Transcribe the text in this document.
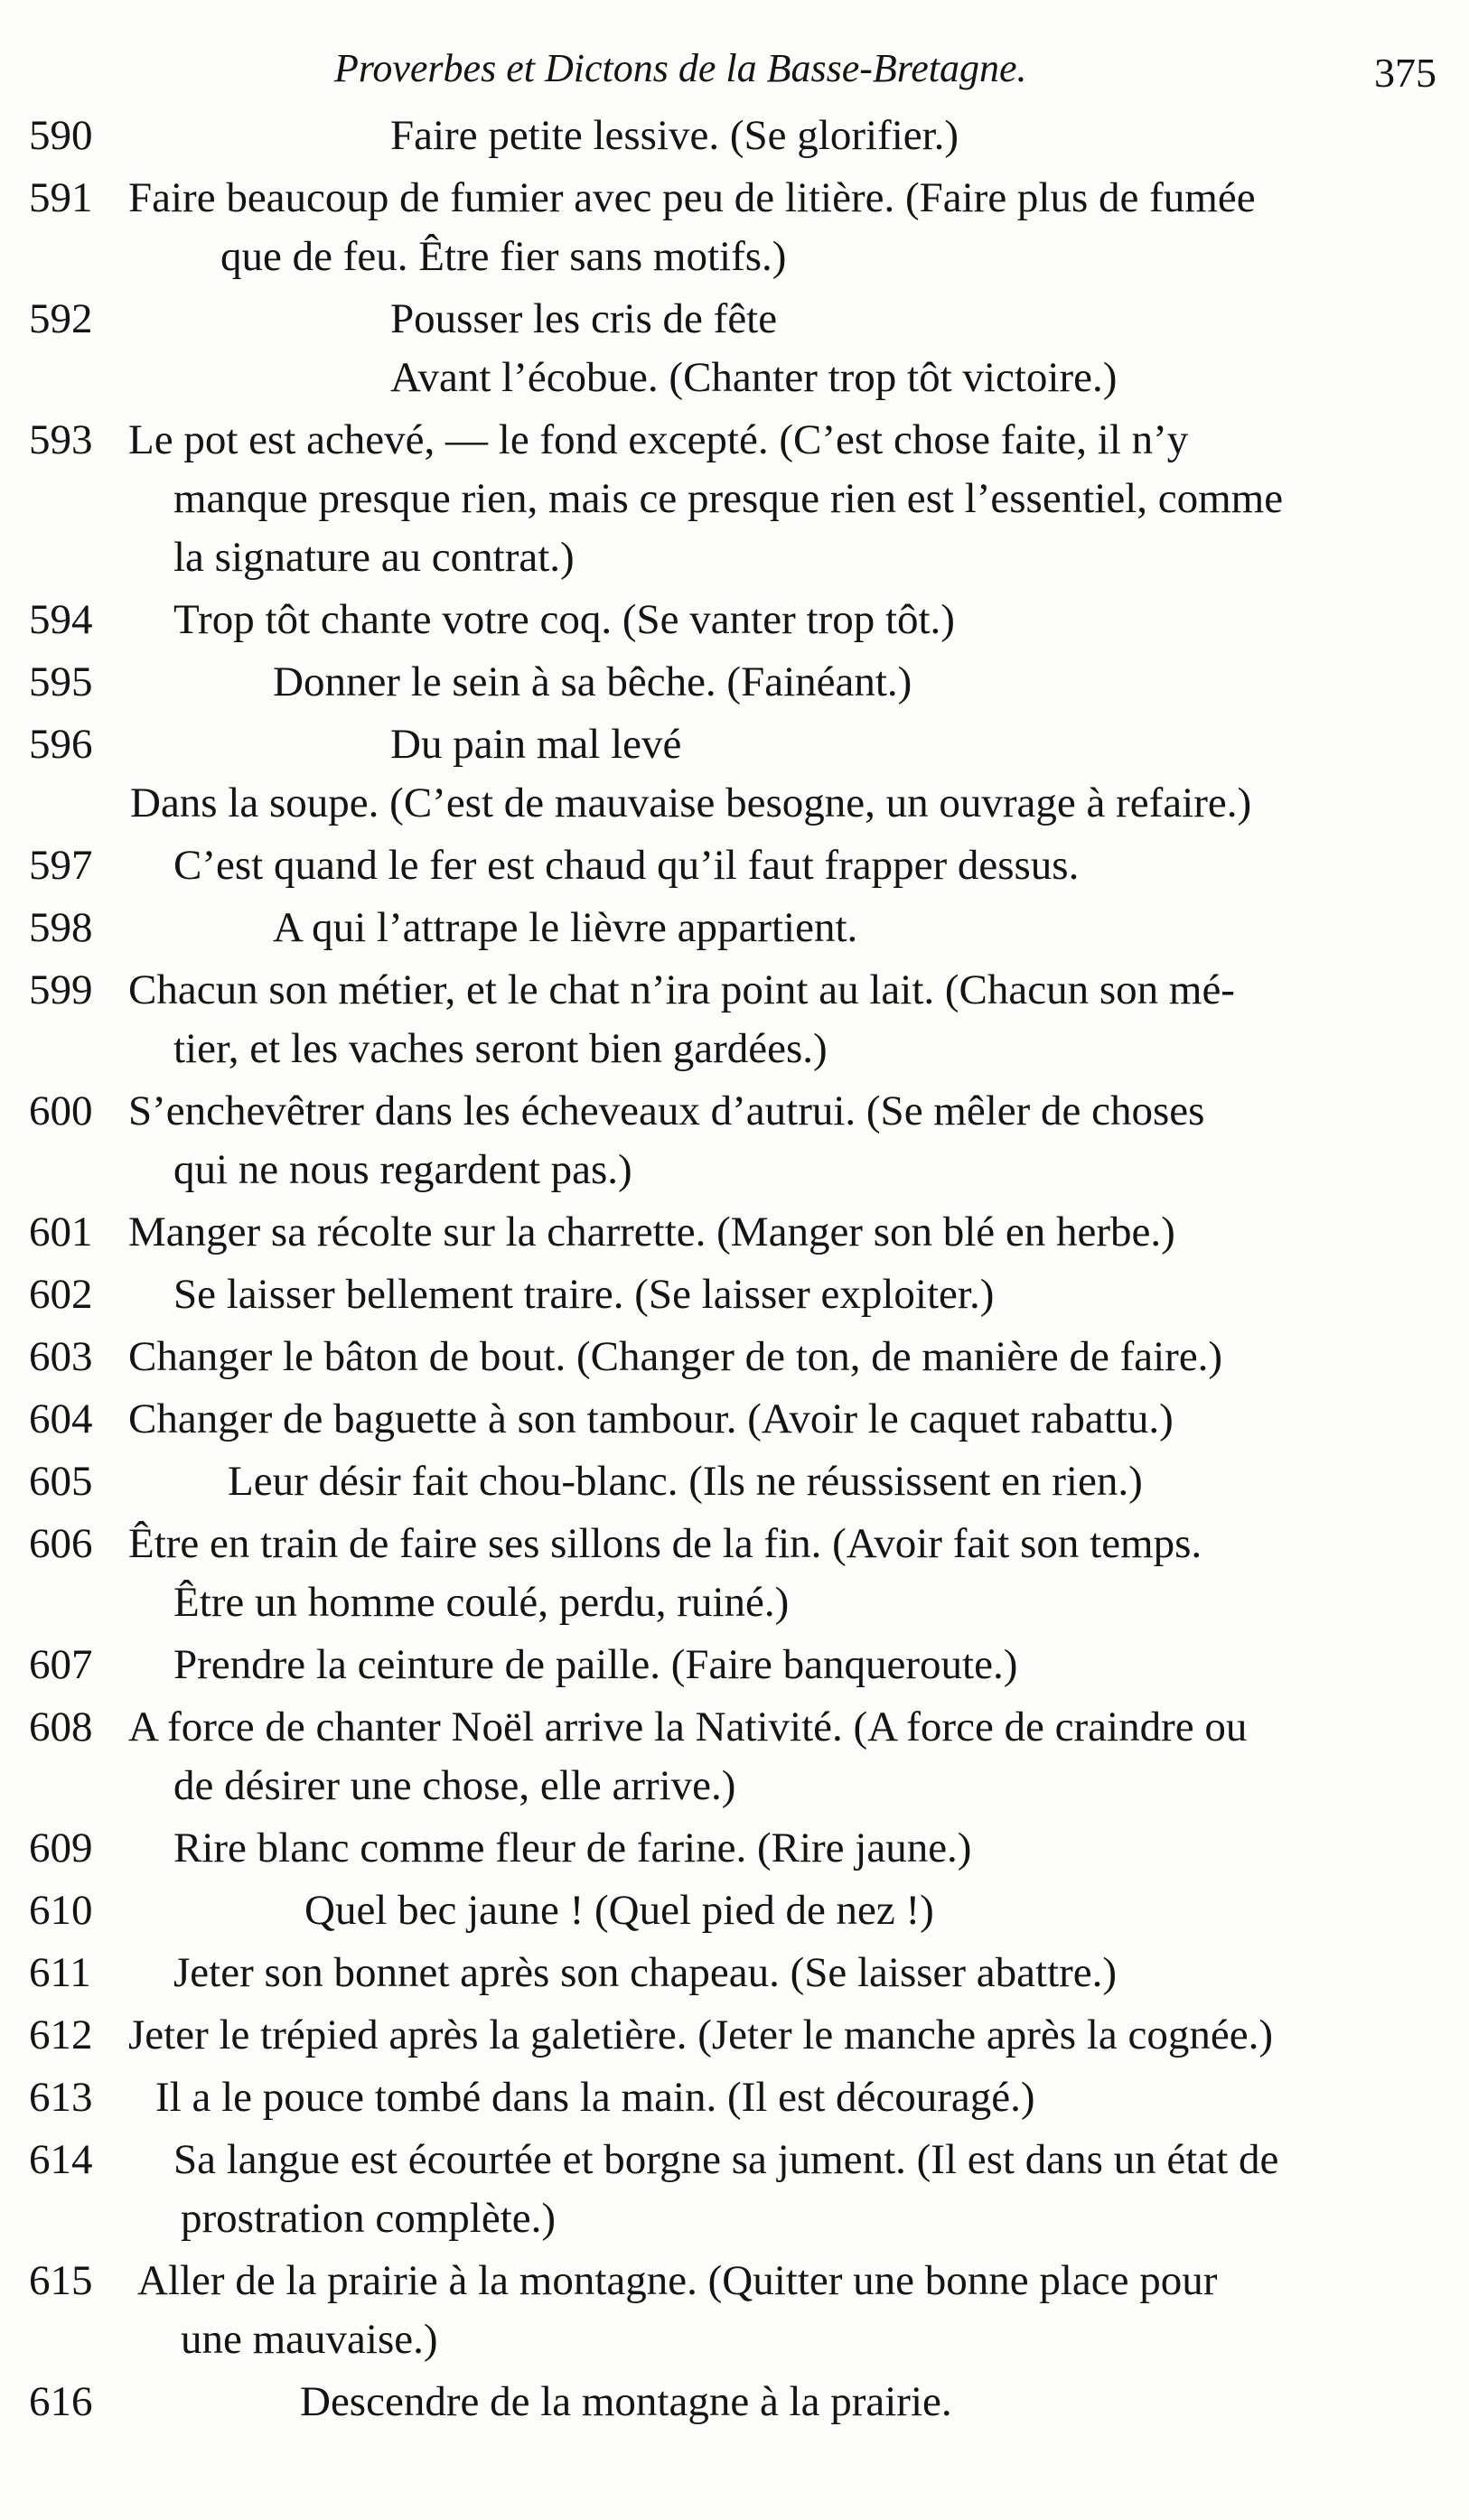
Proverbes et Dictons de la Basse-Bretagne.	375
590	Faire petite lessive. (Se glorifier.)
591 Faire beaucoup de fumier avec peu de litière. (Faire plus de fumée
que de feu. Être fier sans motifs.)
592	Pousser les cris de fête
Avant l’écobue. (Chanter trop tôt victoire.)
593 Le pot est achevé, — le fond excepté. (C’est chose faite, il n’y
manque presque rien, mais ce presque rien est l’essentiel, comme
la signature au contrat.)
594	Trop tôt chante votre coq. (Se vanter trop tôt.)
595	Donner le sein à sa bêche. (Fainéant.)
596	Du pain mal levé
Dans la soupe. (C’est de mauvaise besogne, un ouvrage à refaire.)
597	C’est quand le fer est chaud qu’il faut frapper dessus.
598	A qui l’attrape le lièvre appartient.
599 Chacun son métier, et le chat n’ira point au lait. (Chacun son mé-
tier, et les vaches seront bien gardées.)
600 S’enchevêtrer dans les écheveaux d’autrui. (Se mêler de choses
qui ne nous regardent pas.)
601 Manger sa récolte sur la charrette. (Manger son blé en herbe.)
602	Se laisser bellement traire. (Se laisser exploiter.)
603 Changer le bâton de bout. (Changer de ton, de manière de faire.)
604 Changer de baguette à son tambour. (Avoir le caquet rabattu.)
605	Leur désir fait chou-blanc. (Ils ne réussissent en rien.)
606 Être en train de faire ses sillons de la fin. (Avoir fait son temps.
Être un homme coulé, perdu, ruiné.)
607	Prendre la ceinture de paille. (Faire banqueroute.)
608 A force de chanter Noël arrive la Nativité. (A force de craindre ou
de désirer une chose, elle arrive.)
609	Rire blanc comme fleur de farine. (Rire jaune.)
610	Quel bec jaune ! (Quel pied de nez !)
611	Jeter son bonnet après son chapeau. (Se laisser abattre.)
612 Jeter le trépied après la galetière. (Jeter le manche après la cognée.)
613	Il a le pouce tombé dans la main. (Il est découragé.)
614	Sa langue est écourtée et borgne sa jument. (Il est dans un état de
prostration complète.)
615	Aller de la prairie à la montagne. (Quitter une bonne place pour
une mauvaise.)
616	Descendre de la montagne à la prairie.
